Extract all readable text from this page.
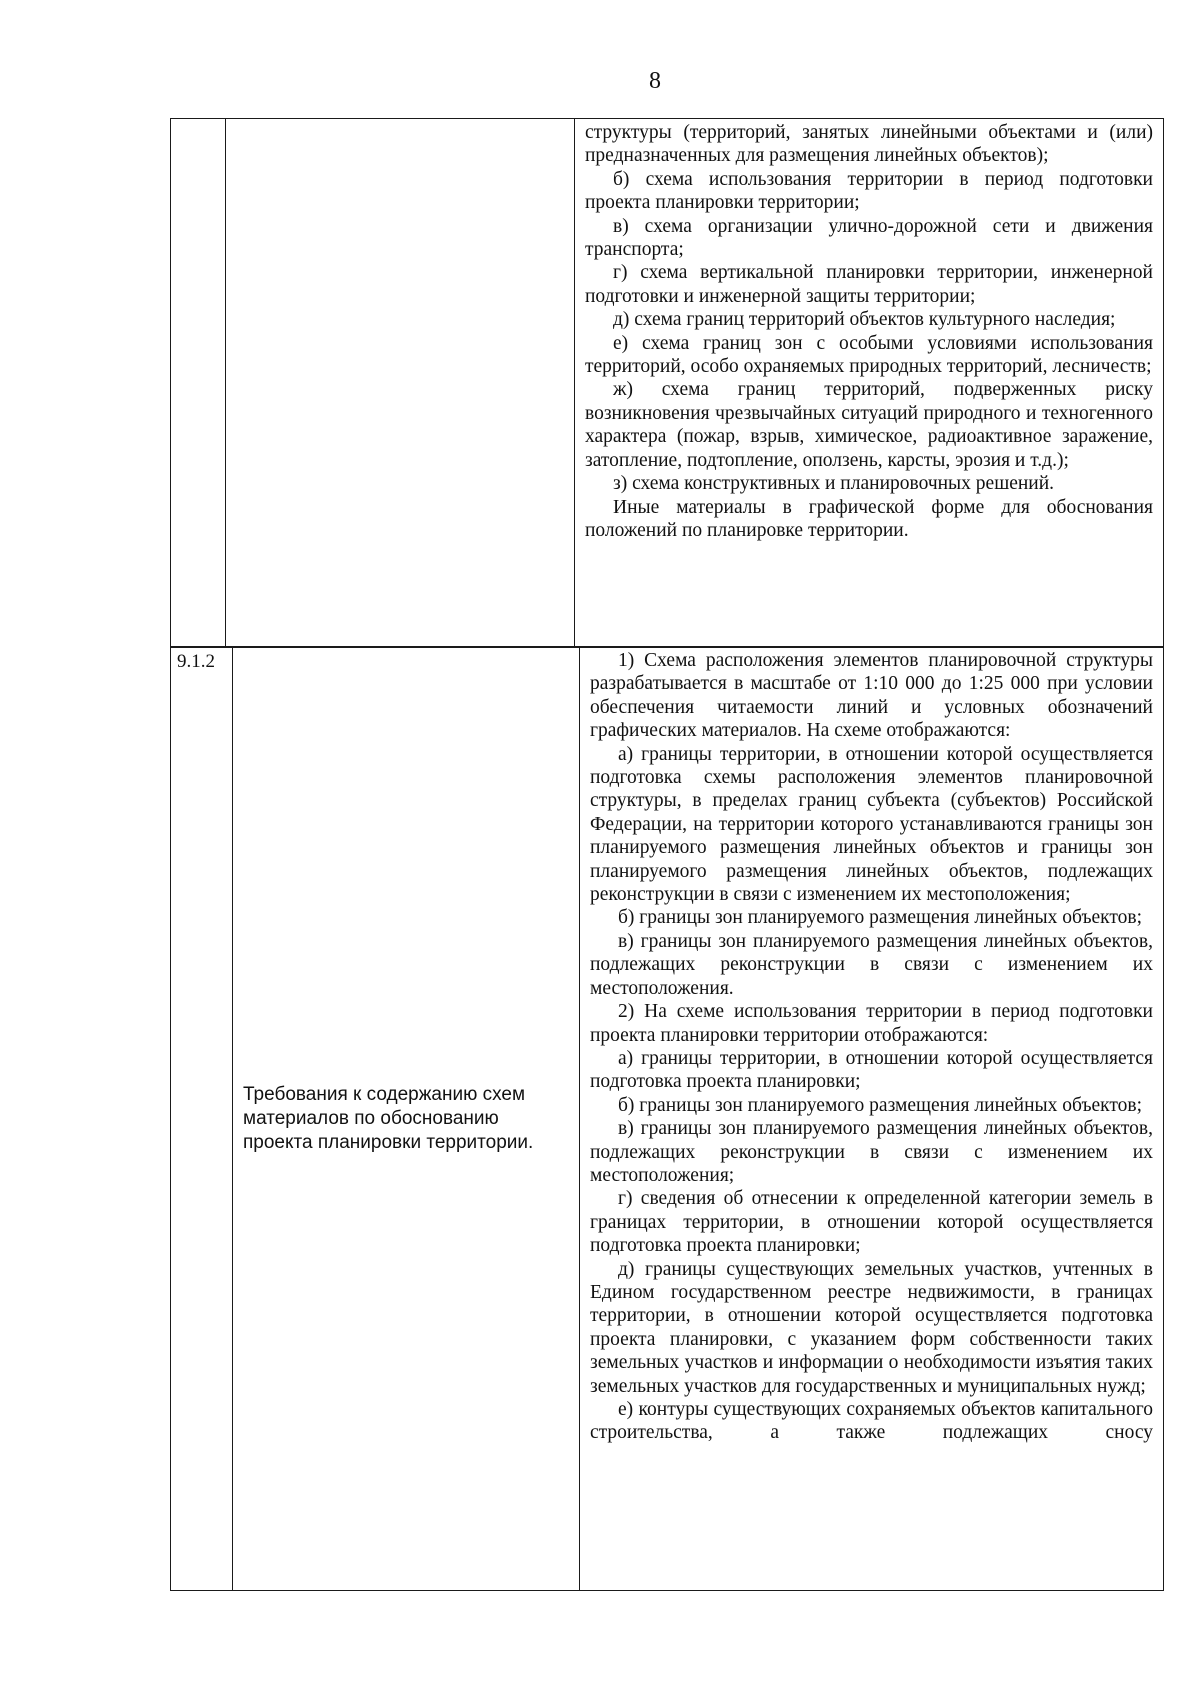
8

структуры (территорий, занятых линейными объектами и (или) предназначенных для размещения линейных объектов);

б) схема использования территории в период подготовки проекта планировки территории;

в) схема организации улично-дорожной сети и движения транспорта;

г) схема вертикальной планировки территории, инженерной подготовки и инженерной защиты территории;

д) схема границ территорий объектов культурного наследия;

е) схема границ зон с особыми условиями использования территорий, особо охраняемых природных территорий, лесничеств;

ж) схема границ территорий, подверженных риску возникновения чрезвычайных ситуаций природного и техногенного характера (пожар, взрыв, химическое, радиоактивное заражение, затопление, подтопление, оползень, карсты, эрозия и т.д.);

з) схема конструктивных и планировочных решений.

Иные материалы в графической форме для обоснования положений по планировке территории.

9.1.2
Требования к содержанию схем материалов по обоснованию проекта планировки территории.

1) Схема расположения элементов планировочной структуры разрабатывается в масштабе от 1:10 000 до 1:25 000 при условии обеспечения читаемости линий и условных обозначений графических материалов. На схеме отображаются:

а) границы территории, в отношении которой осуществляется подготовка схемы расположения элементов планировочной структуры, в пределах границ субъекта (субъектов) Российской Федерации, на территории которого устанавливаются границы зон планируемого размещения линейных объектов и границы зон планируемого размещения линейных объектов, подлежащих реконструкции в связи с изменением их местоположения;

б) границы зон планируемого размещения линейных объектов;

в) границы зон планируемого размещения линейных объектов, подлежащих реконструкции в связи с изменением их местоположения.

2) На схеме использования территории в период подготовки проекта планировки территории отображаются:

а) границы территории, в отношении которой осуществляется подготовка проекта планировки;

б) границы зон планируемого размещения линейных объектов;

в) границы зон планируемого размещения линейных объектов, подлежащих реконструкции в связи с изменением их местоположения;

г) сведения об отнесении к определенной категории земель в границах территории, в отношении которой осуществляется подготовка проекта планировки;

д) границы существующих земельных участков, учтенных в Едином государственном реестре недвижимости, в границах территории, в отношении которой осуществляется подготовка проекта планировки, с указанием форм собственности таких земельных участков и информации о необходимости изъятия таких земельных участков для государственных и муниципальных нужд;

е) контуры существующих сохраняемых объектов капитального строительства, а также подлежащих сносу
